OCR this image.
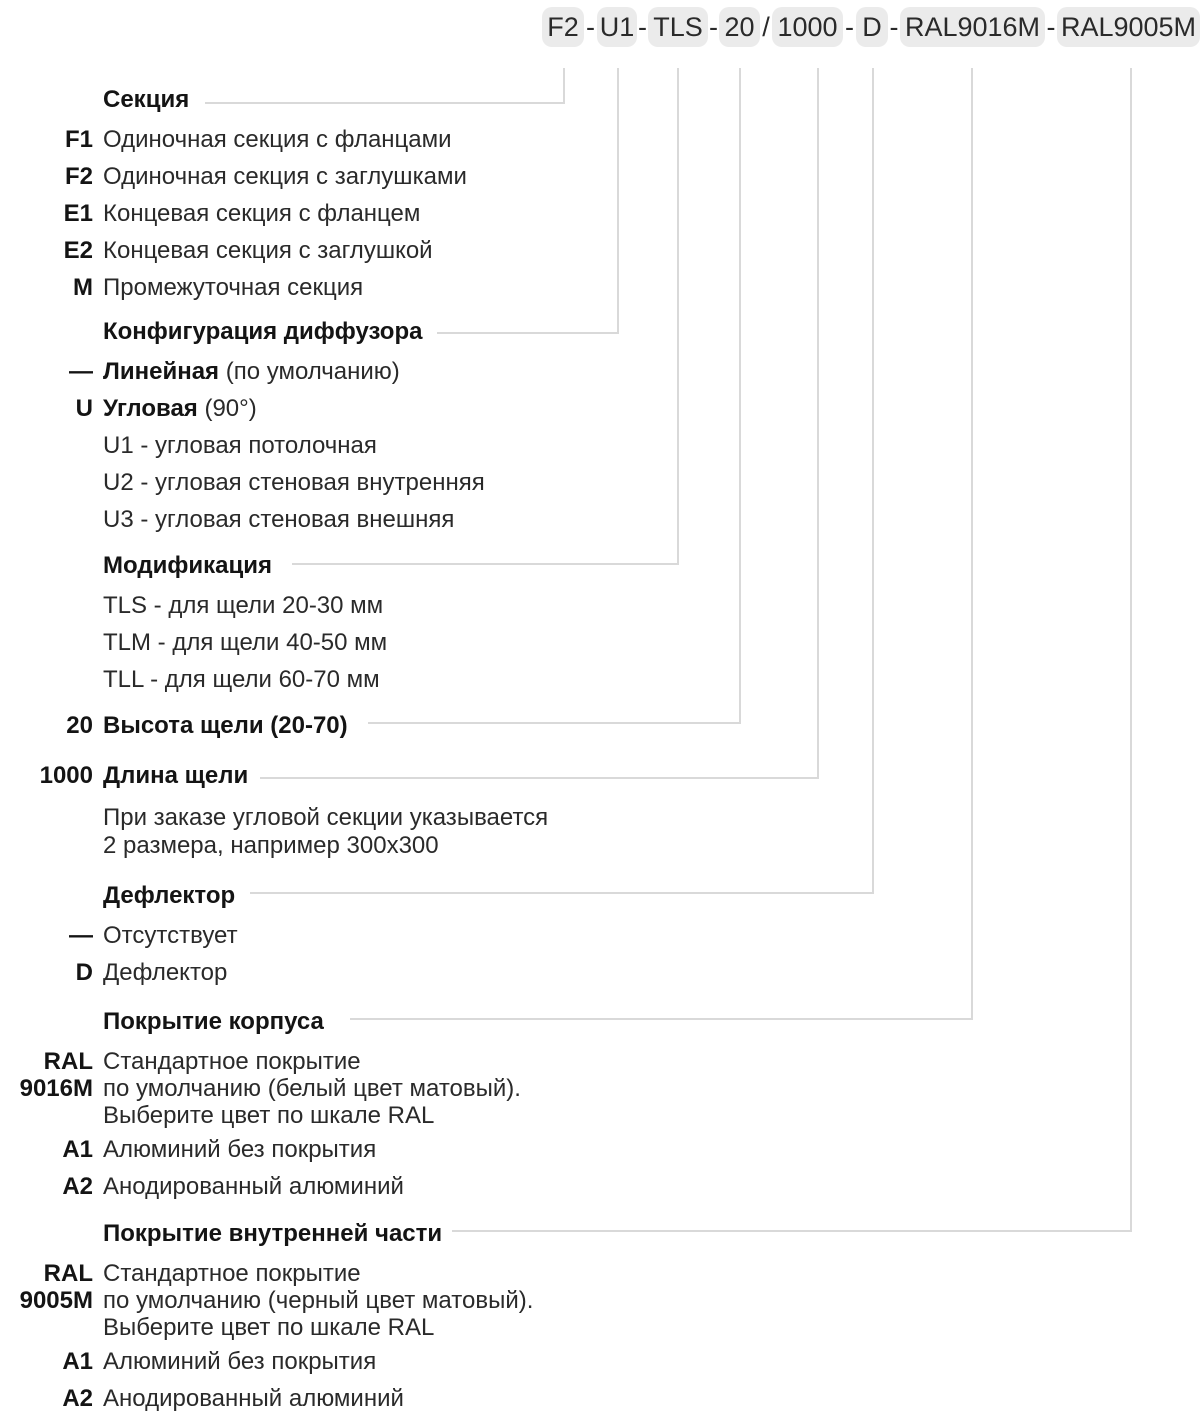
F2 - U1 - TLS - 20 / 1000 - D - RAL9016M - RAL9005M
Секция
F1 Одиночная секция с фланцами
F2 Одиночная секция с заглушками
E1 Концевая секция с фланцем
E2 Концевая секция с заглушкой
M Промежуточная секция
Конфигурация диффузора
— Линейная (по умолчанию)
U Угловая (90°)
U1 - угловая потолочная
U2 - угловая стеновая внутренняя
U3 - угловая стеновая внешняя
Модификация
TLS - для щели 20-30 мм
TLM - для щели 40-50 мм
TLL - для щели 60-70 мм
20 Высота щели (20-70)
1000 Длина щели
При заказе угловой секции указывается
2 размера, например 300х300
Дефлектор
— Отсутствует
D Дефлектор
Покрытие корпуса
RAL
9016M
Стандартное покрытие
по умолчанию (белый цвет матовый).
Выберите цвет по шкале RAL
A1 Алюминий без покрытия
A2 Анодированный алюминий
Покрытие внутренней части
RAL
9005M
Стандартное покрытие
по умолчанию (черный цвет матовый).
Выберите цвет по шкале RAL
A1 Алюминий без покрытия
A2 Анодированный алюминий
